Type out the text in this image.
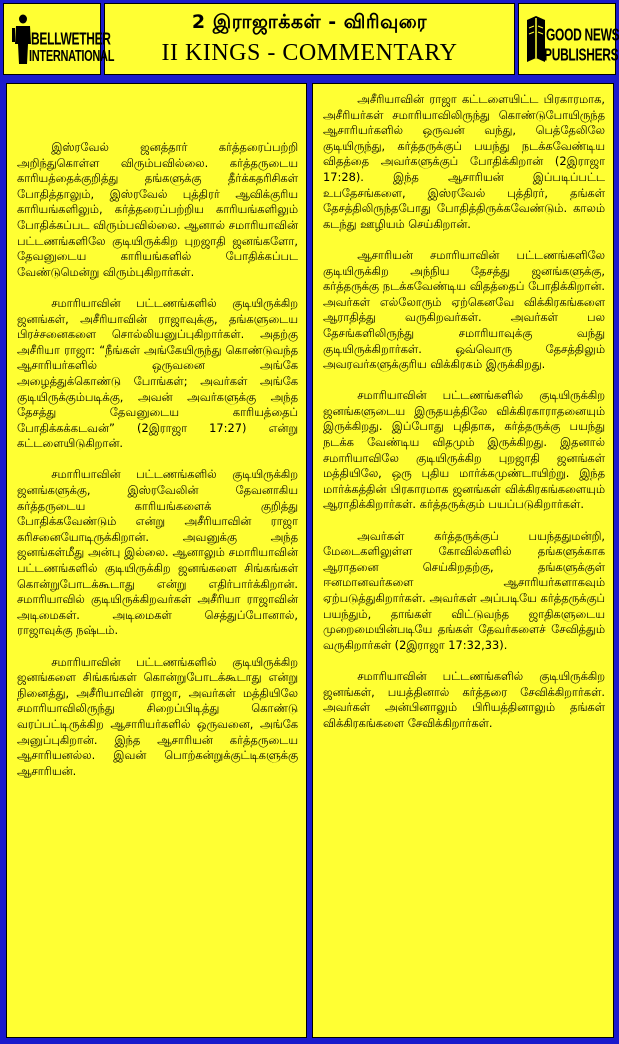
BELLWETHER
INTERNATIONAL
2 இராஜாக்கள் - விரிவுரை
II KINGS - COMMENTARY
GOOD NEWS
PUBLISHERS

இஸ்ரவேல் ஜனத்தார் கர்த்தரைப்பற்றி அறிந்துகொள்ள விரும்பவில்லை. கர்த்தருடைய காரியத்தைக்குறித்து தங்களுக்கு தீர்க்கதரிசிகள் போதித்தாலும், இஸ்ரவேல் புத்திரர் ஆவிக்குரிய காரியங்களிலும், கர்த்தரைப்பற்றிய காரியங்களிலும் போதிக்கப்பட விரும்பவில்லை. ஆனால் சமாரியாவின் பட்டணங்களிலே குடியிருக்கிற புறஜாதி ஜனங்களோ, தேவனுடைய காரியங்களில் போதிக்கப்பட வேண்டுமென்று விரும்புகிறார்கள்.

சமாரியாவின் பட்டணங்களில் குடியிருக்கிற ஜனங்கள், அசீரியாவின் ராஜாவுக்கு, தங்களுடைய பிரச்சனைகளை சொல்லியனுப்புகிறார்கள். அதற்கு அசீரியா ராஜா: “நீங்கள் அங்கேயிருந்து கொண்டுவந்த ஆசாரியர்களில் ஒருவனை அங்கே அழைத்துக்கொண்டு போங்கள்; அவர்கள் அங்கே குடியிருக்கும்படிக்கு, அவன் அவர்களுக்கு அந்த தேசத்து தேவனுடைய காரியத்தைப் போதிக்கக்கடவன்” (2இராஜா 17:27) என்று கட்டளையிடுகிறான்.

சமாரியாவின் பட்டணங்களில் குடியிருக்கிற ஜனங்களுக்கு, இஸ்ரவேலின் தேவனாகிய கர்த்தருடைய காரியங்களைக் குறித்து போதிக்கவேண்டும் என்று அசீரியாவின் ராஜா கரிசனையோடிருக்கிறான். அவனுக்கு அந்த ஜனங்கள்மீது அன்பு இல்லை. ஆனாலும் சமாரியாவின் பட்டணங்களில் குடியிருக்கிற ஜனங்களை சிங்கங்கள் கொன்றுபோடக்கூடாது என்று எதிர்பார்க்கிறான். சமாரியாவில் குடியிருக்கிறவர்கள் அசீரியா ராஜாவின் அடிமைகள். அடிமைகள் செத்துப்போனால், ராஜாவுக்கு நஷ்டம்.

சமாரியாவின் பட்டணங்களில் குடியிருக்கிற ஜனங்களை சிங்கங்கள் கொன்றுபோடக்கூடாது என்று நினைத்து, அசீரியாவின் ராஜா, அவர்கள் மத்தியிலே சமாரியாவிலிருந்து சிறைப்பிடித்து கொண்டு வரப்பட்டிருக்கிற ஆசாரியர்களில் ஒருவனை, அங்கே அனுப்புகிறான். இந்த ஆசாரியன் கர்த்தருடைய ஆசாரியனல்ல. இவன் பொற்கன்றுக்குட்டிகளுக்கு ஆசாரியன்.

அசீரியாவின் ராஜா கட்டளையிட்ட பிரகாரமாக, அசீரியர்கள் சமாரியாவிலிருந்து கொண்டுபோயிருந்த ஆசாரியர்களில் ஒருவன் வந்து, பெத்தேலிலே குடியிருந்து, கர்த்தருக்குப் பயந்து நடக்கவேண்டிய விதத்தை அவர்களுக்குப் போதிக்கிறான் (2இராஜா 17:28). இந்த ஆசாரியன் இப்படிப்பட்ட உபதேசங்களை, இஸ்ரவேல் புத்திரர், தங்கள் தேசத்திலிருந்தபோது போதித்திருக்கவேண்டும். காலம் கடந்து ஊழியம் செய்கிறான்.

ஆசாரியன் சமாரியாவின் பட்டணங்களிலே குடியிருக்கிற அந்நிய தேசத்து ஜனங்களுக்கு, கர்த்தருக்கு நடக்கவேண்டிய விதத்தைப் போதிக்கிறான். அவர்கள் எல்லோரும் ஏற்கெனவே விக்கிரகங்களை ஆராதித்து வருகிறவர்கள். அவர்கள் பல தேசங்களிலிருந்து சமாரியாவுக்கு வந்து குடியிருக்கிறார்கள். ஒவ்வொரு தேசத்திலும் அவரவர்களுக்குரிய விக்கிரகம் இருக்கிறது.

சமாரியாவின் பட்டணங்களில் குடியிருக்கிற ஜனங்களுடைய இருதயத்திலே விக்கிரகாராதனையும் இருக்கிறது. இப்போது புதிதாக, கர்த்தருக்கு பயந்து நடக்க வேண்டிய விதமும் இருக்கிறது. இதனால் சமாரியாவிலே குடியிருக்கிற புறஜாதி ஜனங்கள் மத்தியிலே, ஒரு புதிய மார்க்கமுண்டாயிற்று. இந்த மார்க்கத்தின் பிரகாரமாக ஜனங்கள் விக்கிரகங்களையும் ஆராதிக்கிறார்கள். கர்த்தருக்கும் பயப்படுகிறார்கள்.

அவர்கள் கர்த்தருக்குப் பயந்ததுமன்றி, மேடைகளிலுள்ள கோவில்களில் தங்களுக்காக ஆராதனை செய்கிறதற்கு, தங்களுக்குள் ஈனமானவர்களை ஆசாரியர்களாகவும் ஏற்படுத்துகிறார்கள். அவர்கள் அப்படியே கர்த்தருக்குப் பயந்தும், தாங்கள் விட்டுவந்த ஜாதிகளுடைய முறைமையின்படியே தங்கள் தேவர்களைச் சேவித்தும் வருகிறார்கள் (2இராஜா 17:32,33).

சமாரியாவின் பட்டணங்களில் குடியிருக்கிற ஜனங்கள், பயத்தினால் கர்த்தரை சேவிக்கிறார்கள். அவர்கள் அன்பினாலும் பிரியத்தினாலும் தங்கள் விக்கிரகங்களை சேவிக்கிறார்கள்.
